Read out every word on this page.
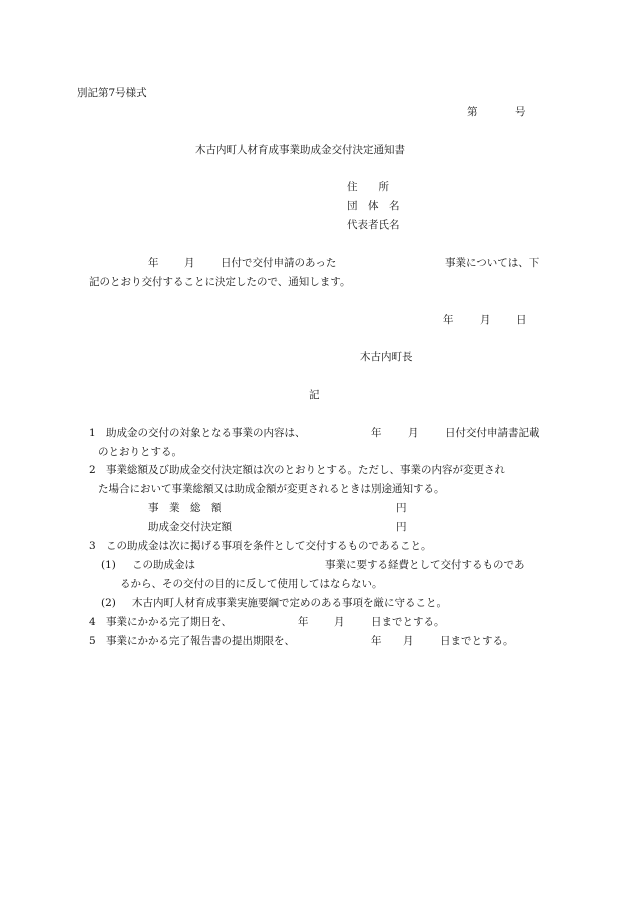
別記第7号様式
第	号
木古内町人材育成事業助成金交付決定通知書
住　　所
団　体　名
代表者氏名
年 月	日付で交付申請のあった	事業については、下
記のとおり交付することに決定したので、通知します。
年	月 日
木古内町長
記
1 助成金の交付の対象となる事業の内容は、	年	月	日付交付申請書記載
のとおりとする。
2 事業総額及び助成金交付決定額は次のとおりとする。ただし、事業の内容が変更され
た場合において事業総額又は助成金額が変更されるときは別途通知する。
事　業　総　額	円
助成金交付決定額	円
3 この助成金は次に掲げる事項を条件として交付するものであること。
(1) この助成金は	事業に要する経費として交付するものであ
るから、その交付の目的に反して使用してはならない。
(2) 木古内町人材育成事業実施要綱で定めのある事項を厳に守ること。
4 事業にかかる完了期日を、	年 月	日までとする。
5 事業にかかる完了報告書の提出期限を、	年 月	日までとする。
